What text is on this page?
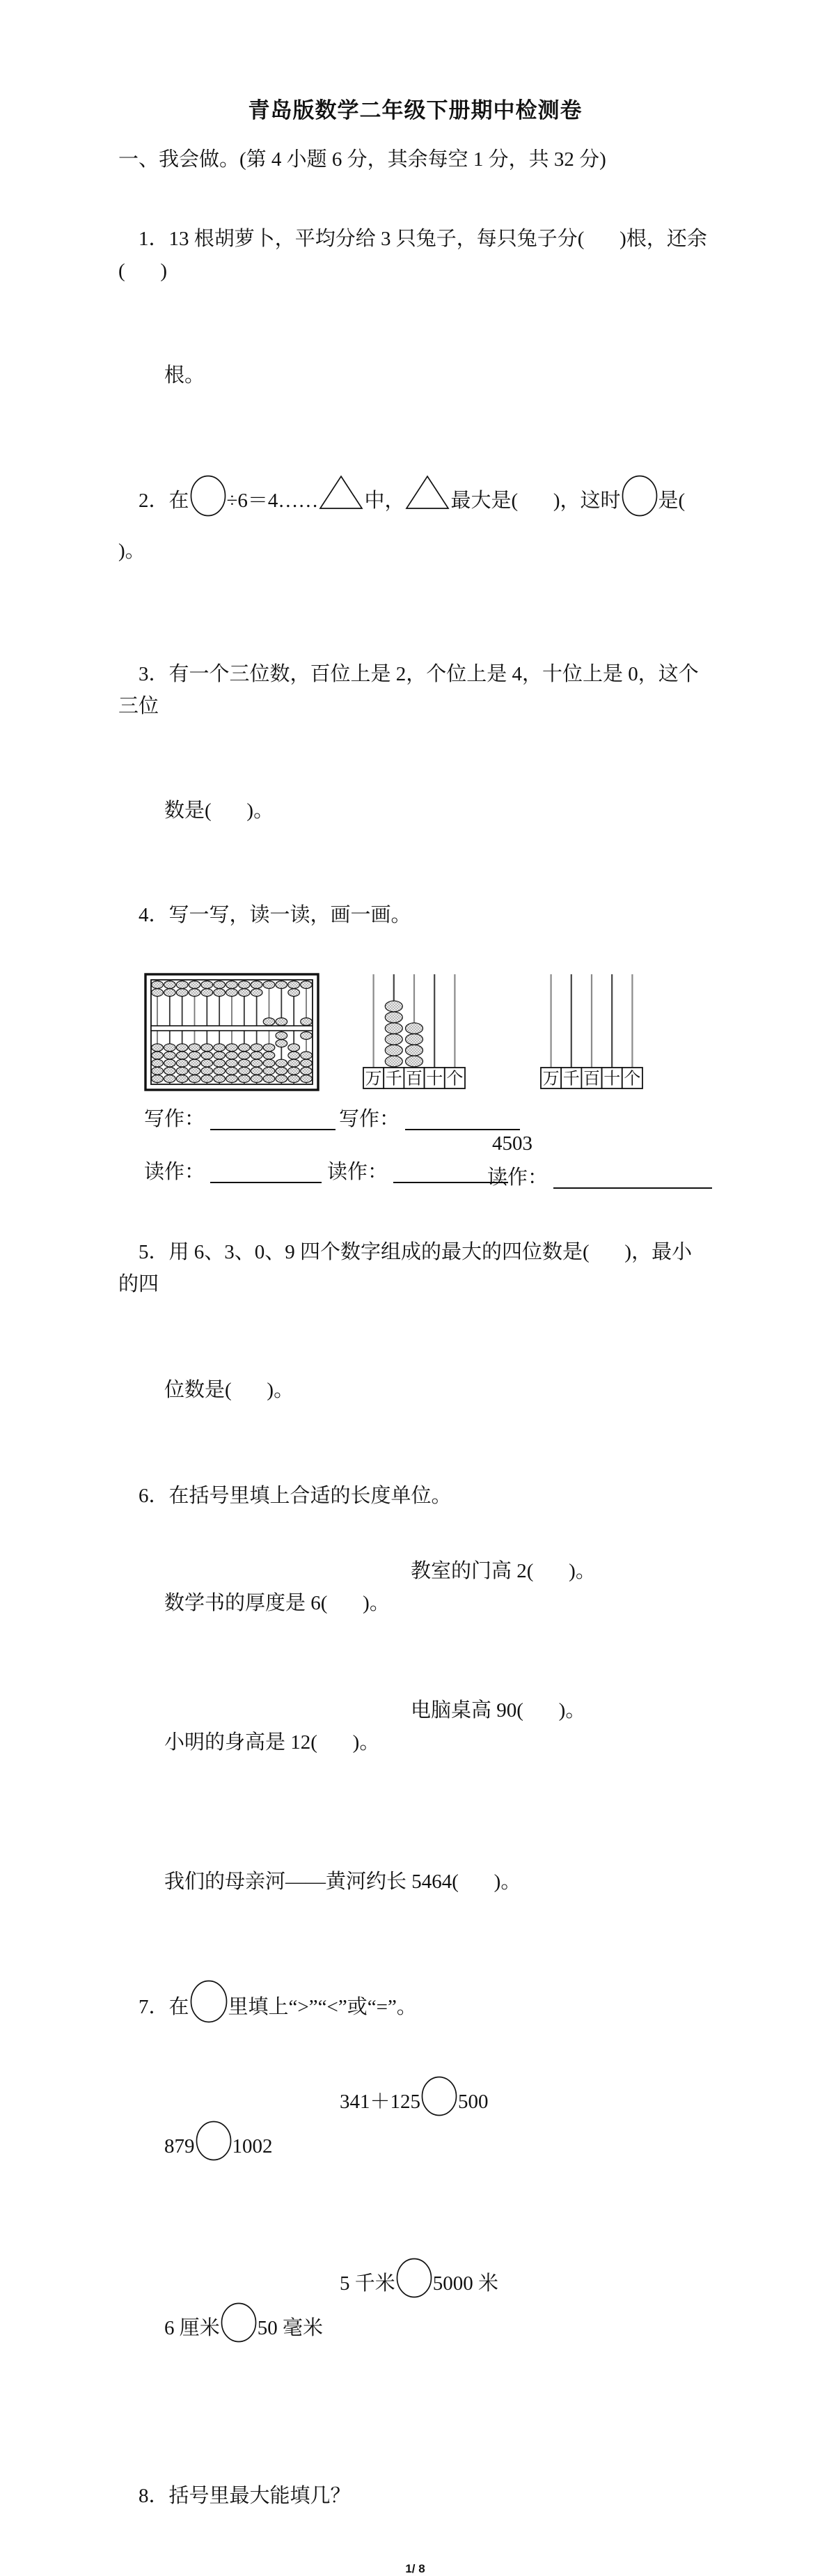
青岛版数学二年级下册期中检测卷
一、我会做。(第 4 小题 6 分，其余每空 1 分，共 32 分)

1．13 根胡萝卜，平均分给 3 只兔子，每只兔子分(       )根，还余(       )

根。

2．在 ÷6＝4…… 中， 最大是(       )，这时 是(       )。

3．有一个三位数，百位上是 2，个位上是 4，十位上是 0，这个三位

数是(       )。

4．写一写，读一读，画一画。

万 千 百 十 个	万 千 百 十 个
写作：	写作：
读作：	读作：
4503
读作：

5．用 6、3、0、9 四个数字组成的最大的四位数是(       )，最小的四

位数是(       )。

6．在括号里填上合适的长度单位。

数学书的厚度是 6(       )。

教室的门高 2(       )。

小明的身高是 12(       )。

电脑桌高 90(       )。

我们的母亲河——黄河约长 5464(       )。

7．在 里填上“>”“<”或“=”。

879 1002

341＋125 500

6 厘米 50 毫米

5 千米 5000 米

8．括号里最大能填几？

1/ 8
